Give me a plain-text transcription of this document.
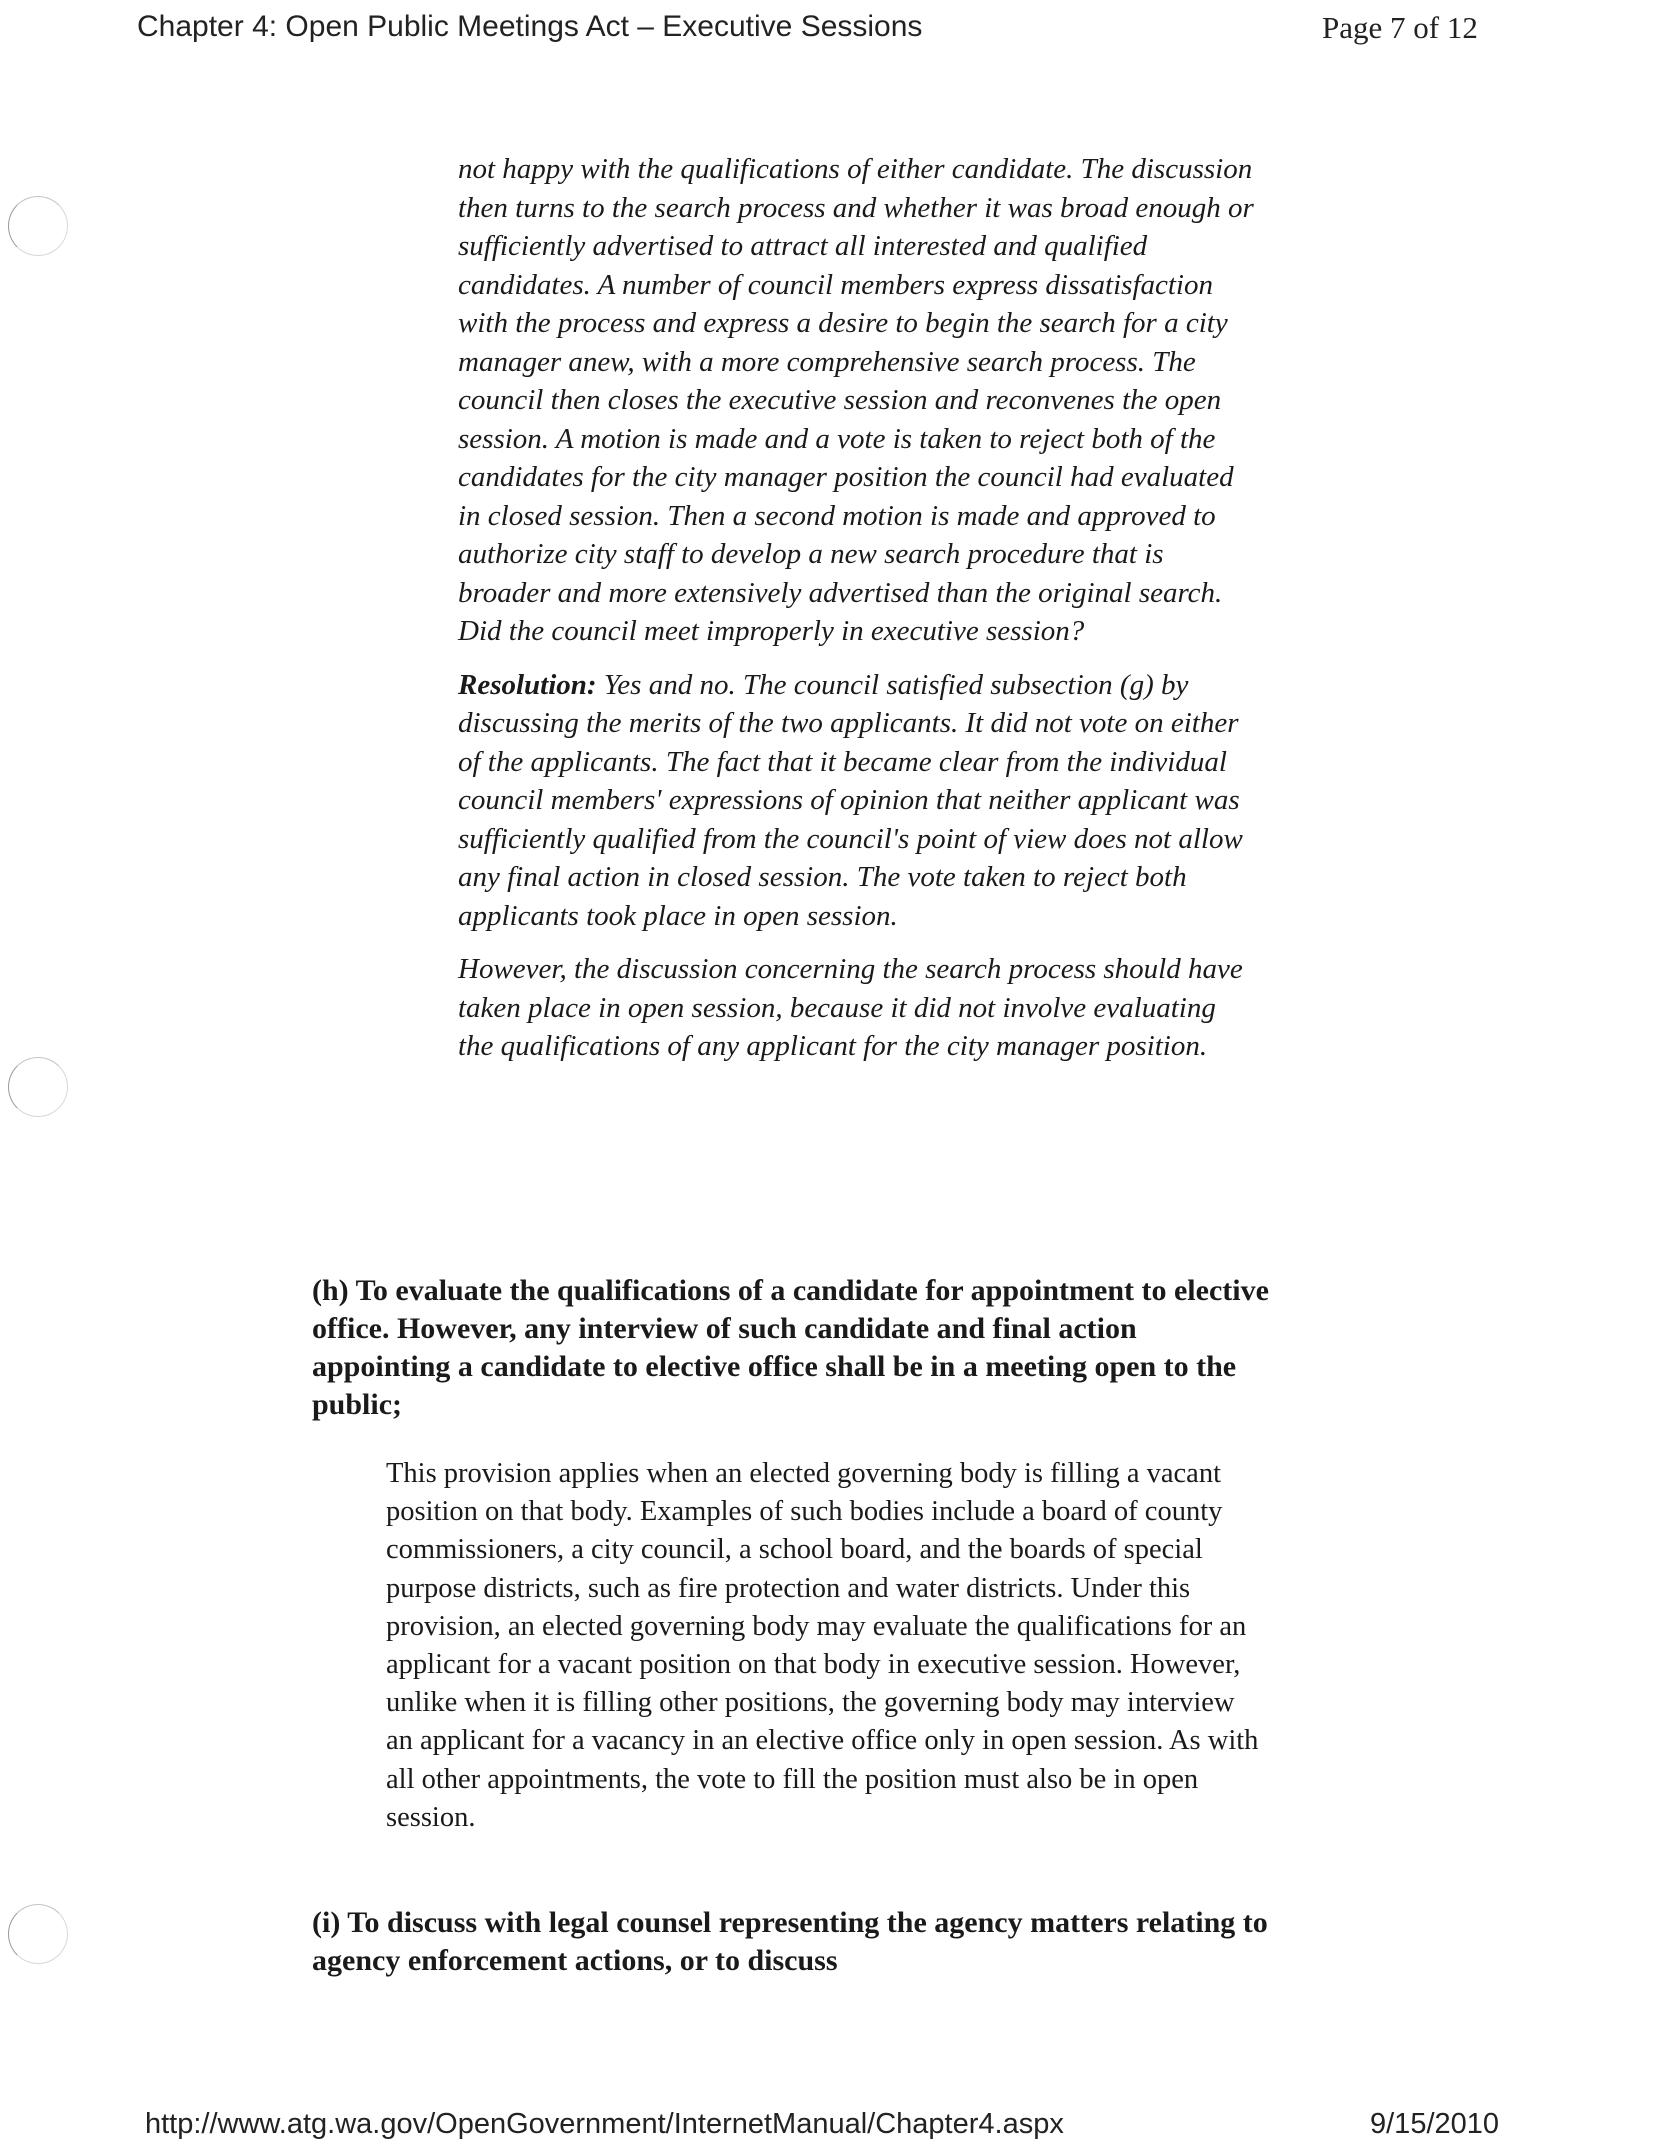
Chapter 4: Open Public Meetings Act – Executive Sessions	Page 7 of 12

not happy with the qualifications of either candidate. The discussion then turns to the search process and whether it was broad enough or sufficiently advertised to attract all interested and qualified candidates. A number of council members express dissatisfaction with the process and express a desire to begin the search for a city manager anew, with a more comprehensive search process. The council then closes the executive session and reconvenes the open session. A motion is made and a vote is taken to reject both of the candidates for the city manager position the council had evaluated in closed session. Then a second motion is made and approved to authorize city staff to develop a new search procedure that is broader and more extensively advertised than the original search. Did the council meet improperly in executive session?

Resolution: Yes and no. The council satisfied subsection (g) by discussing the merits of the two applicants. It did not vote on either of the applicants. The fact that it became clear from the individual council members' expressions of opinion that neither applicant was sufficiently qualified from the council's point of view does not allow any final action in closed session. The vote taken to reject both applicants took place in open session.

However, the discussion concerning the search process should have taken place in open session, because it did not involve evaluating the qualifications of any applicant for the city manager position.

(h) To evaluate the qualifications of a candidate for appointment to elective office. However, any interview of such candidate and final action appointing a candidate to elective office shall be in a meeting open to the public;

This provision applies when an elected governing body is filling a vacant position on that body. Examples of such bodies include a board of county commissioners, a city council, a school board, and the boards of special purpose districts, such as fire protection and water districts. Under this provision, an elected governing body may evaluate the qualifications for an applicant for a vacant position on that body in executive session. However, unlike when it is filling other positions, the governing body may interview an applicant for a vacancy in an elective office only in open session. As with all other appointments, the vote to fill the position must also be in open session.

(i) To discuss with legal counsel representing the agency matters relating to agency enforcement actions, or to discuss
http://www.atg.wa.gov/OpenGovernment/InternetManual/Chapter4.aspx	9/15/2010
